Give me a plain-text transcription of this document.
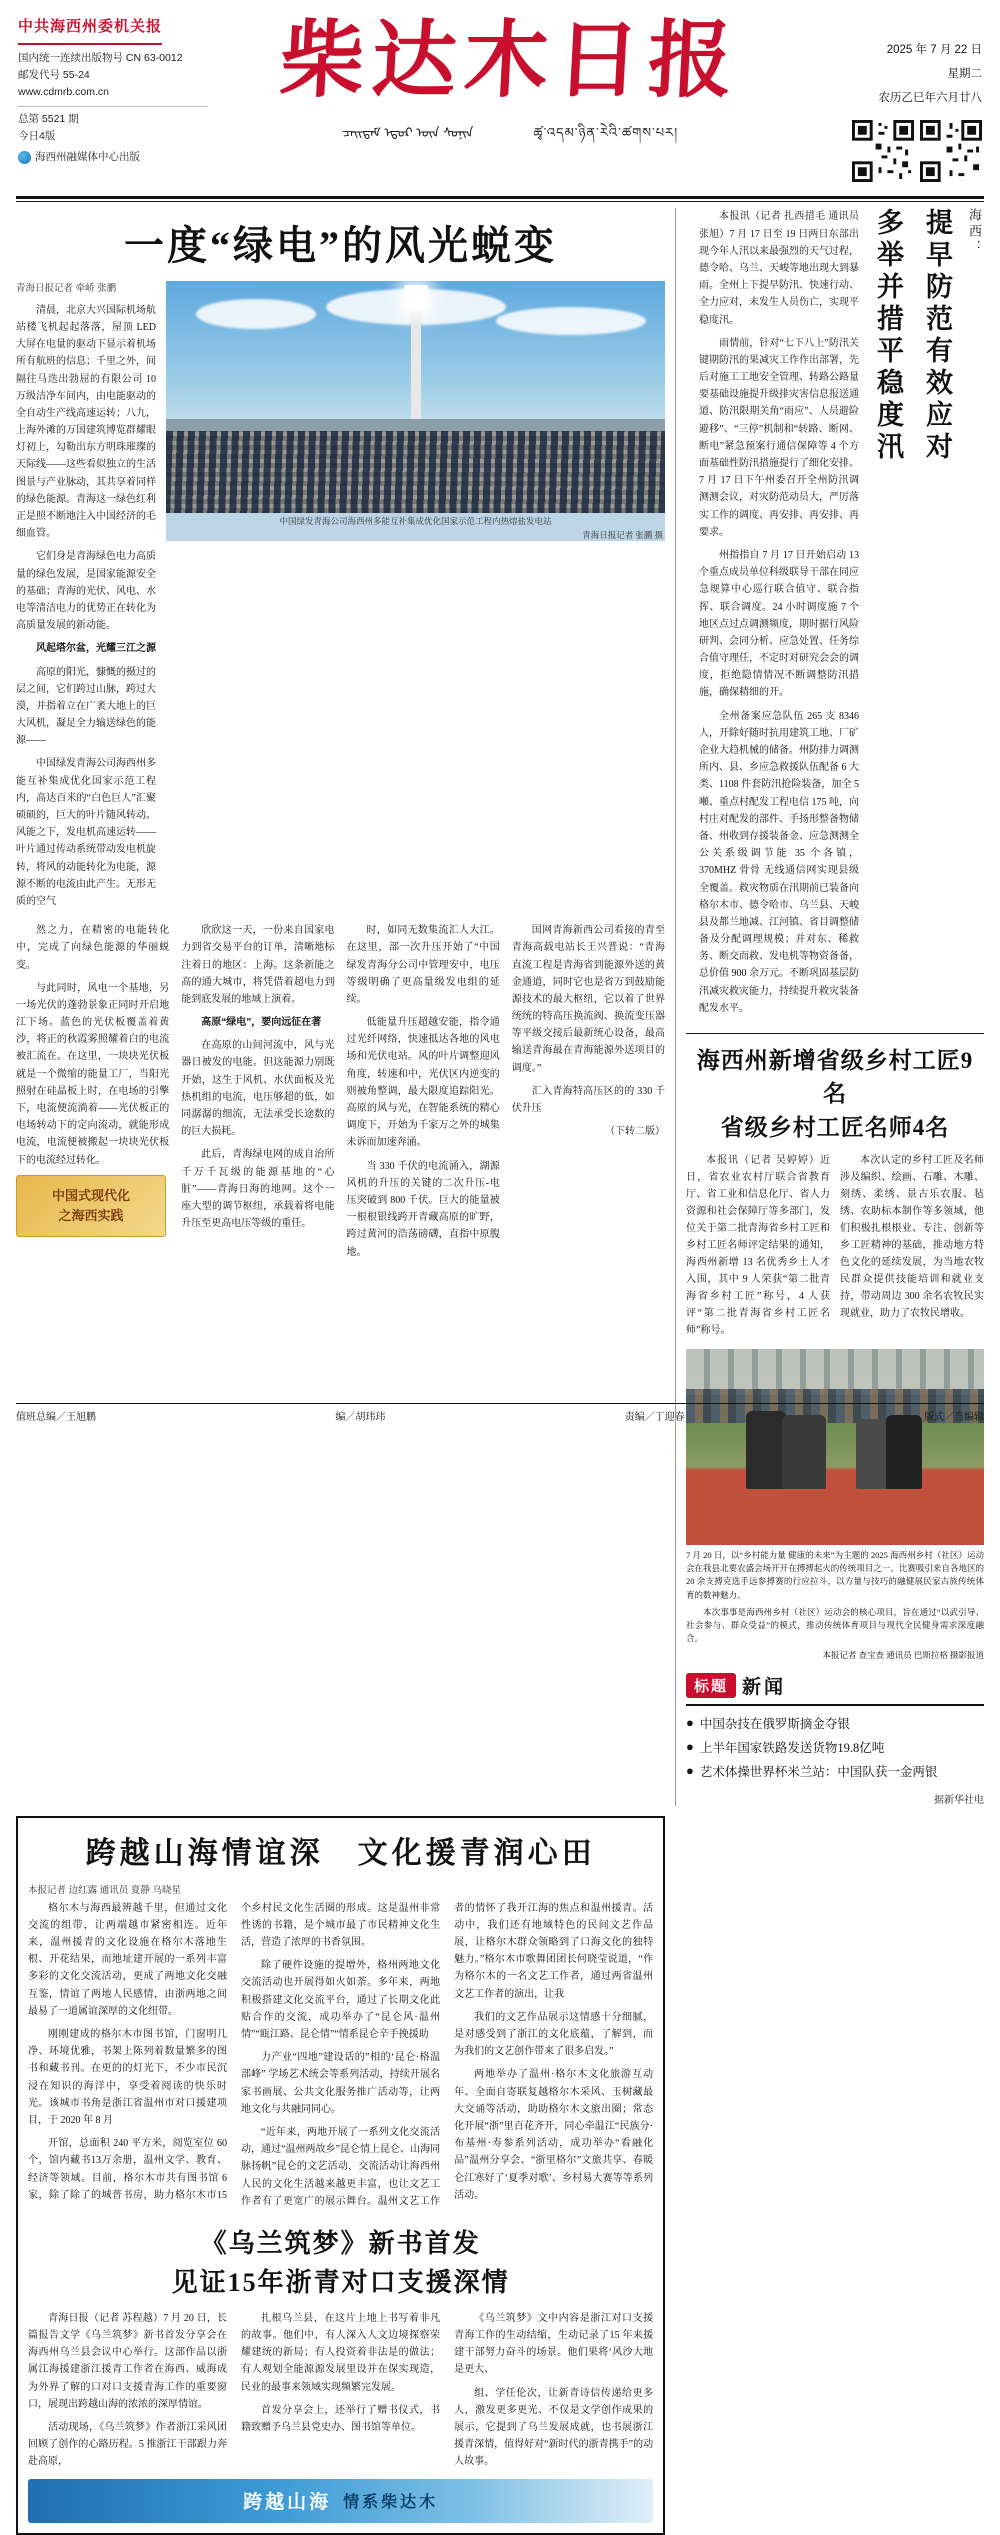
中共海西州委机关报
国内统一连续出版物号 CN 63-0012
邮发代号 55-24
www.cdmrb.com.cn
总第 5521 期
今日4版
海西州融媒体中心出版
柴达木日报
ᠴᠠᠢᠳᠠᠮ ᠡᠳᠦᠷ ᠦᠨ ᠰᠣᠨᠢᠨ	ཚྭ་འདམ་ཉིན་རེའི་ཚགས་པར།
2025 年 7 月 22 日
星期二
农历乙巳年六月廿八
一度“绿电”的风光蜕变
青海日报记者 牵峤 张鹏

清晨，北京大兴国际机场航站楼飞机起起落落，屋顶 LED 大屏在电量的驱动下显示着机场所有航班的信息；千里之外，间隔往马迭出勃屈的有限公司 10 万级洁净车间内，由电能驱动的全自动生产线高速运转；八九，上海外滩的万国建筑博览群耀眼灯初上，勾勒出东方明珠璀璨的天际线——这些看似独立的生活图景与产业脉动，其共享着同样的绿色能源。青海这一绿色红利正是照不断地注入中国经济的毛细血管。

它们身是青海绿色电力高质量的绿色发展，是国家能源安全的基础；青海的光伏、风电、水电等清洁电力的优势正在转化为高质量发展的新动能。

风起塔尔盆，光耀三江之源

高原的阳光，慷慨的摄过的层之间，它们跨过山脉，跨过大漠，并指着立在广袤大地上的巨大风机，凝足全力输送绿色的能源——

中国绿发青海公司海西州多能互补集成优化国家示范工程内，高达百米的“白色巨人”汇聚硕硕的，巨大的叶片随风转动。风能之下，发电机高速运转——叶片通过传动系统带动发电机旋转，将风的动能转化为电能，源源不断的电流由此产生。无形无质的空气

中国绿发青海公司海西州多能互补集成优化国家示范工程内热熔盐发电站
青海日报记者 张鹏 摄

然之力，在精密的电能转化中，完成了向绿色能源的华丽蜕变。

与此同时，风电一个基地，另一场光伏的蓬勃景象正同时开启地江下场。蓝色的光伏板覆盖着黄沙，将正的秋霞雾照耀着白的电流被汇流在。在这里，一块块光伏板就是一个微缩的能量工厂，当阳光照射在硅晶板上时，在电场的引擎下，电流便流淌着——光伏板正的电场转动下的定向流动，就能形成电流，电流便被搬起一块块光伏板下的电流经过转化。

中国式现代化
之海西实践

欣欣这一天，一份来自国家电力到省交易平台的订单，清晰地标注着日的地区：上海。这条新能之高的通大城市，将凭借着超电力到能到底发展的地域上演着。

高原“绿电”，要向远征在著

在高原的山间河流中，风与光器日被发的电能。但这能源力别既开始，这生于风机、水伏面板及光热机组的电流，电压够超的低，如同潺潺的细流，无法承受长途数的的巨大损耗。

此后，青海绿电网的成自治所千万千瓦级的能源基地的“心脏”——青海日海的地网。这个一座大型的调节枢纽，承载着将电能升压至更高电压等级的重任。

时，如同无数集流汇人大江。在这里，部一次升压开始了“中国绿发青海分公司中管理安中，电压等级明确了更高量级发电组的延续。

低能量升压超越安能，指令通过光纤网络，快速抵达各地的风电场和光伏电站。风的叶片调整迎风角度，转速和中，光伏区内逆变的则被角整调，最大限度追踪阳光。高原的风与光，在智能系统的精心调度下，开始为千家万之外的城集未诉而加速奔涌。

当 330 千伏的电流涌入，湖源风机的升压的关键的二次升压-电压突破到 800 千伏。巨大的能量被一根根银线跨开青藏高原的旷野，跨过黄河的浩荡磅礴，直指中原腹地。

国网青海新西公司看接的青至青海高载电站长王兴普说：“青海直流工程是青海省到能源外送的黄金通道，同时它也是省万到鼓励能源技术的最大枢纽，它以着了世界统统的特高压换流阀、换流变压器等平级交接后最新统心设备，最高输送青海最在青海能源外送项目的调度。”

汇入青海特高压区的的 330 千伏升压

（下转二版）

本报讯（记者 扎西措毛 通讯员 张旭）7 月 17 日至 19 日两日东部出现今年人汛以来最强烈的天气过程，德令哈、乌兰、天峻等地出现大到暴雨。全州上下提早防汛、快速行动、全力应对，未发生人员伤亡，实现平稳度汛。

雨情前，针对“七下八上”防汛关键期防汛的果减灾工作作出部署，先后对施工工地安全管理、转路公路量要基础设施提升级排灾害信息报送通道、防汛限期关角“雨应”、人员避险避移”、“三停”机制和“转路、断网、断电”紧急预案行通信保障等 4 个方面基础性防汛措施提行了细化安排。7 月 17 日下午州委召开全州防汛调测测会议，对灾防范动员大，严厉落实工作的调度、再安排、再安排、再要求。

州指指自 7 月 17 日开始启动 13 个重点成员单位科级联导干部在同应急规算中心巡行联合值守、联合指挥、联合调度。24 小时调度施 7 个地区点过点调测频度，期时据行风险研判、会同分析、应急处置、任务综合值守理任，不定时对研究会会的调度，拒绝隐情情况不断调整防汛措施，确保精细的开。

全州备案应急队伍 265 支 8346 人，开除好随时抗用建筑工地、厂矿企业大趋机械的储备。州防排力调测所内、县、乡应急救援队伍配备 6 大类、1108 件套防汛抢险装备，加全 5 噸、重点村配发工程电信 175 吨，向村庄对配发的部件、手扬形整备物储备、州收到存援装备金、应急测测全公关系级调节能 35 个各镇，370MHZ 骨骨 无线通信网实现县级全覆盖。救灾物质在汛期前已装备向格尔木市、德令哈市、乌兰县、天峻县及都兰地减、江河镇、省目调整储备及分配调理规模；并对东、稀救务、断交而救、发电机等物资备备，总价值 900 余万元。不断巩固基层防汛减灾救灾能力，持续提升救灾装备配发水平。

多举并措平稳度汛 提早防范有效应对	海西：
海西州新增省级乡村工匠9名
省级乡村工匠名师4名

本报讯（记者 吴婷婷）近日，省农业农村厅联合省教育厅、省工业和信息化厅、省人力资源和社会保障厅等多部门，发位关于第二批青海省乡村工匠和乡村工匠名师评定结果的通知，海西州新增 13 名优秀乡土人才入围，其中 9 人荣获“第二批青海省乡村工匠”称号，4 人获评“第二批青海省乡村工匠名师”称号。

本次认定的乡村工匠及名师涉及编织、绘画、石雕、木雕、刻绣、柔绣、景古乐农服、毡绣、农助标本制作等多领域，他们积极扎根根业、专注、创新等乡工匠精神的基础，推动地方特色文化的延续发展，为当地农牧民群众提供技能培训和就业支持，带动周边 300 余名农牧民实现就业，助力了农牧民增收。

7 月 20 日，以“乡村能力量 健康的未来”为主题的 2025 海西州乡村（社区）运动会在我县北要农盛会场开开在搏搏起火的传统项目之一。比赛吸引来自各地区的 20 余支搏克选手远参搏赛的行应拉斗，以方量与技巧的融健展民家古族传统体育的数神魅力。
本次事事是海西州乡村（社区）运动会的核心项目，旨在通过“以武引导、社会参与、群众受益”的模式，推动传统体育项目与现代全民健身需求深度融合。
本报记者 查宝查 通讯员 巴斯拉格 摄影报道
标题 新闻
● 中国杂技在俄罗斯摘金夺银
● 上半年国家铁路发送货物19.8亿吨
● 艺术体操世界杯米兰站：中国队获一金两银
据新华社电
跨越山海情谊深　文化援青润心田
本报记者 边红露 通讯员 夏静 乌晓星

格尔木与海西最辨越千里，但通过文化交流的组带，让两端越市紧密相连。近年来，温州援青的文化设施在格尔木落地生根、开花结果，而地址建开展的一系列丰富多彩的文化交流活动，更成了两地文化交融互鉴，情谊了两地人民感情，由浙两地之间最易了一道属谊深厚的文化纽带。

刚刚建成的格尔木市图书馆，门窗明几净、环境优雅，书架上陈列着数量繁多的图书和藏书刊。在更的的灯光下，不少市民沉浸在知识的海洋中，享受着阅读的快乐时光。该城市书角是浙江省温州市对口援建项目，于 2020 年 8 月

开馆，总面积 240 平方米，阅览室位 60 个，馆内藏书13万余册，温州文学、教育、经济等领域。目前，格尔木市共有图书馆 6家，除了除了的城普书房，助力格尔木市15个乡村民文化生活圈的形成。这是温州非常性诱的书籍，是个城市最了市民精神文化生活，营造了浓厚的书香氛围。

除了硬件设施的提增外，格州两地文化交流活动也开展得如火如荼。多年来，两地积极搭建文化交流平台，通过了长期文化此贴合作的交流，成功举办了“昆仑风·温州情”“瓯江路、昆仑情”“情系昆仑辛手挽援助

力产业“四地”建设话的”相的‘昆仑·格温部峰” 学场艺术统会等系列活动，持续开展名家书画展、公共文化服务推广活动等，让两地文化与共融同同心。

“近年来，两地开展了一系列文化交流活动，通过“温州两故乡”昆仑情上昆仑、山海同脉扬帆”昆仑的文艺活动，交流活动让海西州人民的文化生活越来越更丰富，也让文艺工作者有了更宽广的展示舞台。温州文艺工作者的情怀了我开江海的焦点和温州援青。活动中，我们还有地域特色的民间文艺作品展，让格尔木群众领略到了口海文化的独特魅力。”格尔木市歌舞团团长何晓莹说道，“作为格尔木的一名文艺工作者，通过两省温州文艺工作者的演出，让我

我们的文艺作品展示这情感十分细腻，是对感受到了浙江的文化底蕴，了解到，而为我们的文艺创作带来了很多启发。”

两地举办了温州·格尔木文化旅游互动年、全面自寄联复越格尔木采风、玉树藏最大交诵等活动，助助格尔木文旅出圈；常态化开展“浙”里百花齐开，同心牵温江“民族分·布基州·寿参系列活动，成功举办“看融化品”温州分享会、“浙里格尔”文旅共享、春暖仑江寒好了‘夏季对歌’、乡村易大赛等等系列活动。

《乌兰筑梦》新书首发
见证15年浙青对口支援深情

青海日报（记者 苏程越）7 月 20 日，长篇报告文学《乌兰筑梦》新书首发分享会在海西州乌兰县会议中心举行。这部作品以浙属江海援建浙江援青工作者在海西、威海成为外界了解的口对口支援青海工作的重要窗口，展现出跨越山海的浓浓的深厚情谊。

活动现场，《乌兰筑梦》作者浙江采风团回顾了创作的心路历程。5 推浙江干部跟力奔赴高原，

扎根乌兰县，在这片上地上书写着非凡的故事。他们中，有人深入人文边境探察荣耀建统的新局；有人投资着非法是的做法；有人观划全能源源发展里设并在保实现造，民业的最事来领域实现频繁完发展。

首发分享会上，还举行了赠书仪式，书籍致赠予乌兰县党史办、图书馆等单位。

《乌兰筑梦》文中内容是浙江对口支援青海工作的生动结缩，生动记录了15 年来援建干部努力奋斗的场景。他们果将‘风沙大地是更大、

组、学任伦次，让新青诗信传递给更多人，激发更多更光、不仅是文学创作成果的展示，它提到了乌兰发展成就，也书展浙江援青深情，值得好对“新时代的浙青携手”的动人故事。

跨越山海 情系柴达木
值班总编／王旭鹏	编／胡玮玮	责编／丁迎春	版式／当编辑
